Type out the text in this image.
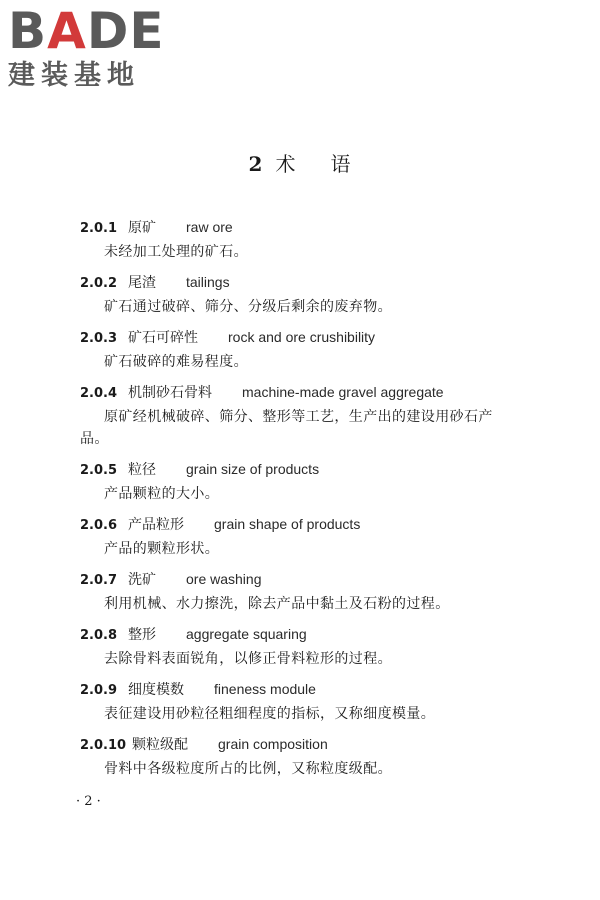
BADE
建装基地
2 术 语
2.0.1 原矿 raw ore
未经加工处理的矿石。
2.0.2 尾渣 tailings
矿石通过破碎、筛分、分级后剩余的废弃物。
2.0.3 矿石可碎性 rock and ore crushibility
矿石破碎的难易程度。
2.0.4 机制砂石骨料 machine-made gravel aggregate
原矿经机械破碎、筛分、整形等工艺，生产出的建设用砂石产品。
2.0.5 粒径 grain size of products
产品颗粒的大小。
2.0.6 产品粒形 grain shape of products
产品的颗粒形状。
2.0.7 洗矿 ore washing
利用机械、水力擦洗，除去产品中黏土及石粉的过程。
2.0.8 整形 aggregate squaring
去除骨料表面锐角，以修正骨料粒形的过程。
2.0.9 细度模数 fineness module
表征建设用砂粒径粗细程度的指标，又称细度模量。
2.0.10 颗粒级配 grain composition
骨料中各级粒度所占的比例，又称粒度级配。
· 2 ·
